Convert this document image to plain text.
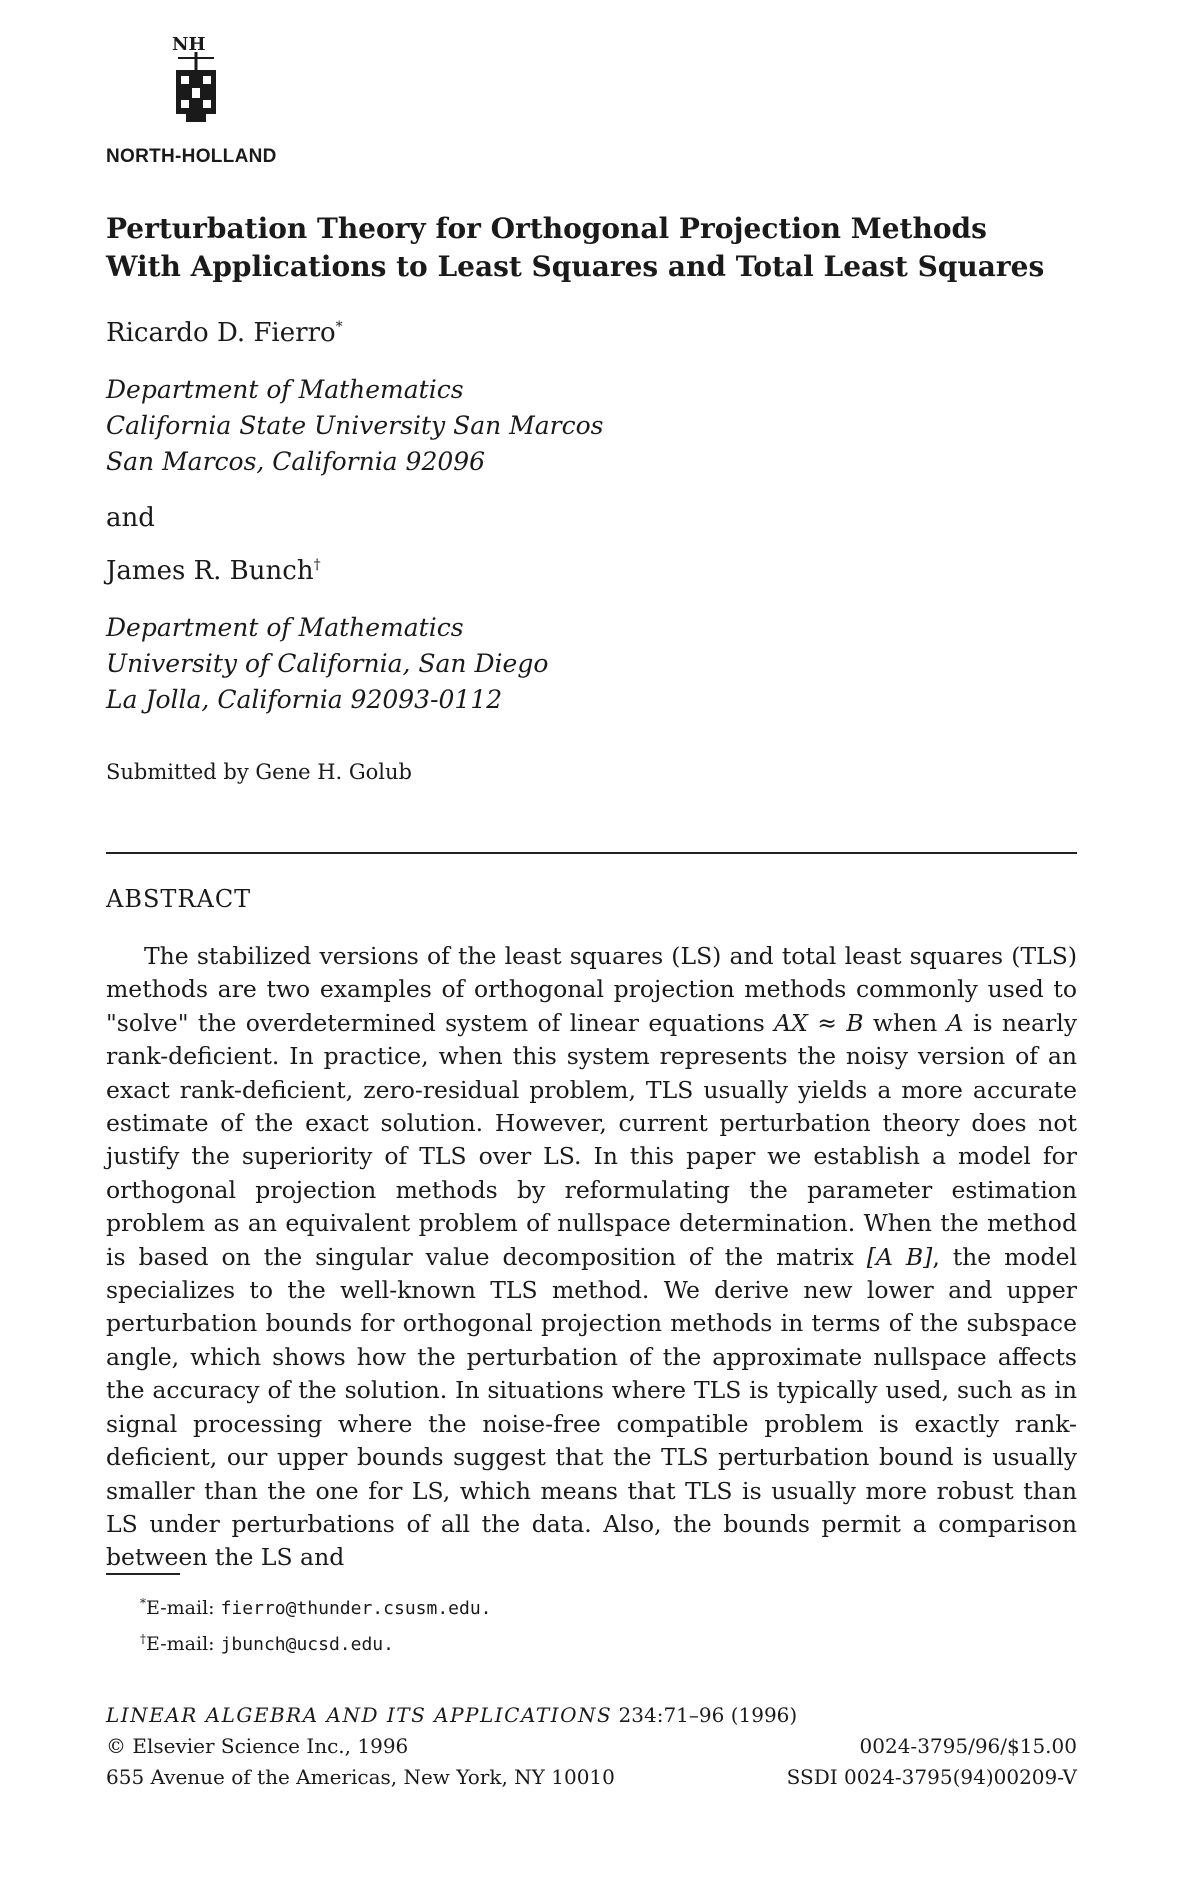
NH
NORTH-HOLLAND
Perturbation Theory for Orthogonal Projection Methods
With Applications to Least Squares and Total Least Squares
Ricardo D. Fierro*
Department of Mathematics
California State University San Marcos
San Marcos, California 92096
and
James R. Bunch†
Department of Mathematics
University of California, San Diego
La Jolla, California 92093-0112
Submitted by Gene H. Golub
ABSTRACT

The stabilized versions of the least squares (LS) and total least squares (TLS) methods are two examples of orthogonal projection methods commonly used to "solve" the overdetermined system of linear equations AX ≈ B when A is nearly rank-deficient. In practice, when this system represents the noisy version of an exact rank-deficient, zero-residual problem, TLS usually yields a more accurate estimate of the exact solution. However, current perturbation theory does not justify the superiority of TLS over LS. In this paper we establish a model for orthogonal projection methods by reformulating the parameter estimation problem as an equivalent problem of nullspace determination. When the method is based on the singular value decomposition of the matrix [A B], the model specializes to the well-known TLS method. We derive new lower and upper perturbation bounds for orthogonal projection methods in terms of the subspace angle, which shows how the perturbation of the approximate nullspace affects the accuracy of the solution. In situations where TLS is typically used, such as in signal processing where the noise-free compatible problem is exactly rank-deficient, our upper bounds suggest that the TLS perturbation bound is usually smaller than the one for LS, which means that TLS is usually more robust than LS under perturbations of all the data. Also, the bounds permit a comparison between the LS and

*E-mail: fierro@thunder.csusm.edu.
†E-mail: jbunch@ucsd.edu.
LINEAR ALGEBRA AND ITS APPLICATIONS 234:71–96 (1996)
© Elsevier Science Inc., 1996	0024-3795/96/$15.00
655 Avenue of the Americas, New York, NY 10010	SSDI 0024-3795(94)00209-V
